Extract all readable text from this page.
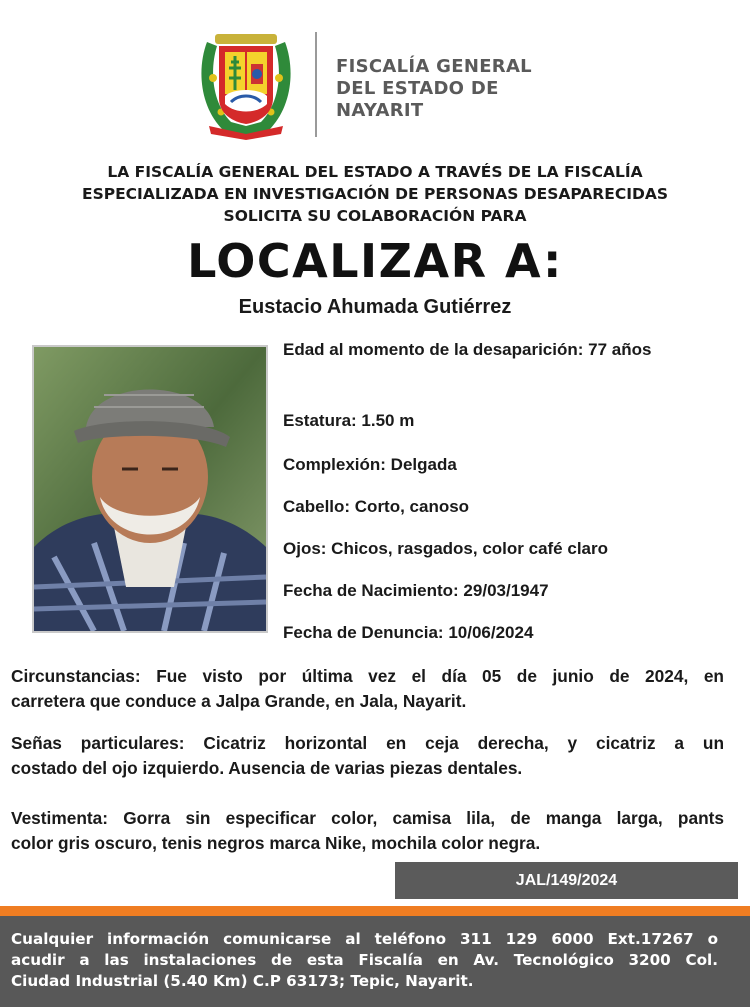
FISCALÍA GENERAL
DEL ESTADO DE
NAYARIT
LA FISCALÍA GENERAL DEL ESTADO A TRAVÉS DE LA FISCALÍA
ESPECIALIZADA EN INVESTIGACIÓN DE PERSONAS DESAPARECIDAS
SOLICITA SU COLABORACIÓN PARA
LOCALIZAR A:
Eustacio Ahumada Gutiérrez
Edad al momento de la desaparición: 77 años
Estatura: 1.50 m
Complexión: Delgada
Cabello: Corto, canoso
Ojos: Chicos, rasgados, color café claro
Fecha de Nacimiento: 29/03/1947
Fecha de Denuncia: 10/06/2024
Circunstancias: Fue visto por última vez el día 05 de junio de 2024, en
carretera que conduce a Jalpa Grande, en Jala, Nayarit.
Señas particulares: Cicatriz horizontal en ceja derecha, y cicatriz a un
costado del ojo izquierdo. Ausencia de varias piezas dentales.
Vestimenta: Gorra sin especificar color, camisa lila, de manga larga, pants
color gris oscuro, tenis negros marca Nike, mochila color negra.
JAL/149/2024
Cualquier información comunicarse al teléfono 311 129 6000 Ext.17267 o
acudir a las instalaciones de esta Fiscalía en Av. Tecnológico 3200 Col.
Ciudad Industrial (5.40 Km) C.P 63173; Tepic, Nayarit.
